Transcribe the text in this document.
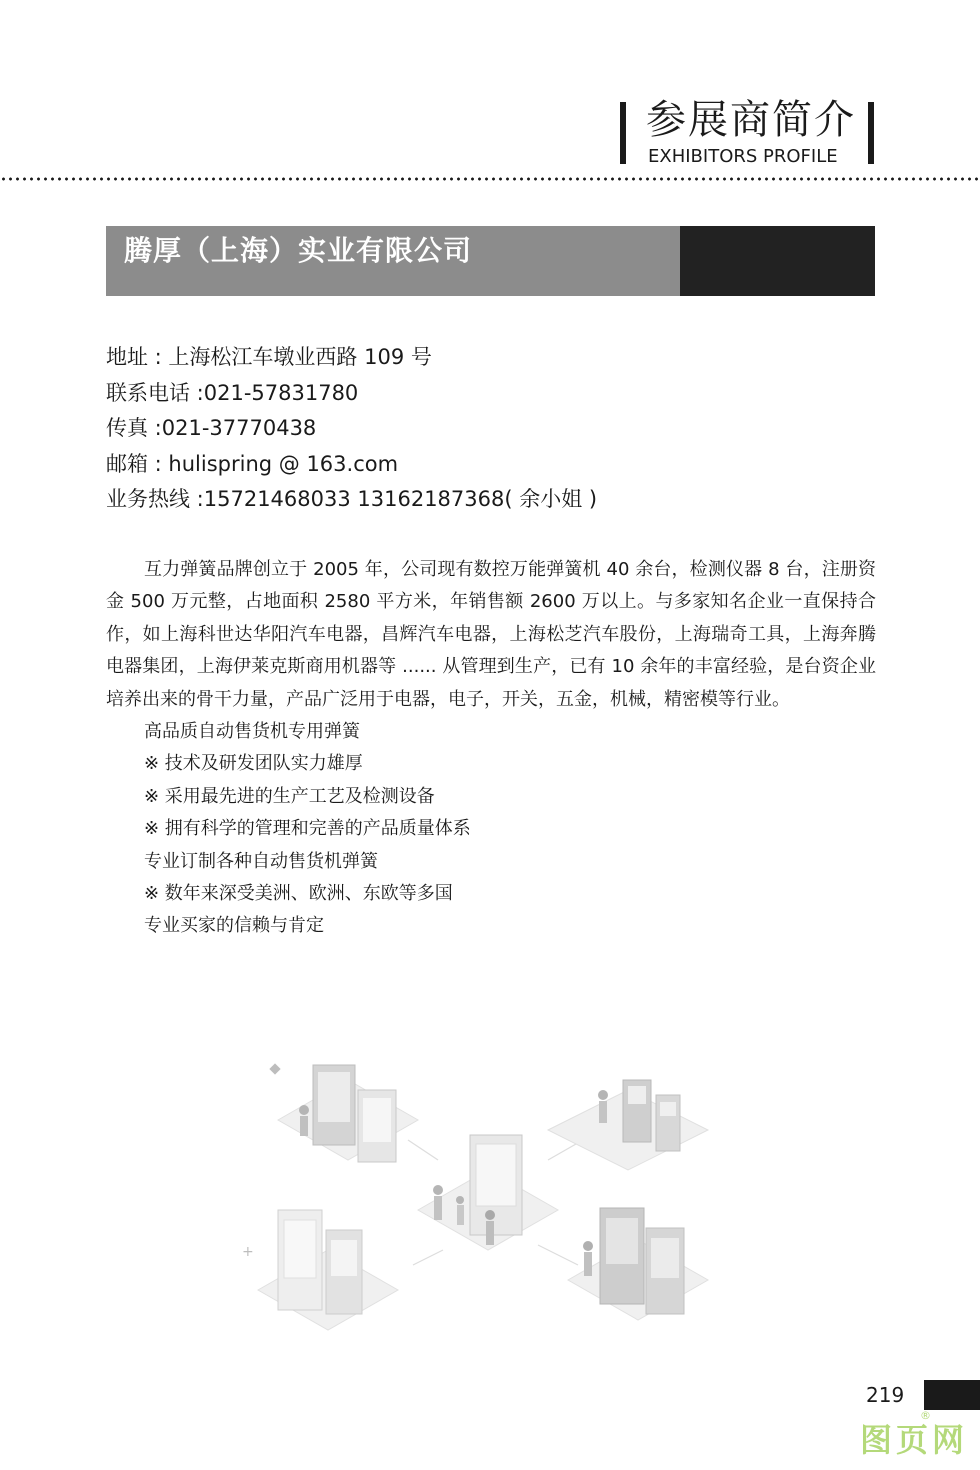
参展商简介
EXHIBITORS PROFILE
腾厚（上海）实业有限公司
地址 : 上海松江车墩业西路 109 号
联系电话 :021-57831780
传真 :021-37770438
邮箱 : hulispring @ 163.com
业务热线 :15721468033 13162187368( 余小姐 )
互力弹簧品牌创立于 2005 年，公司现有数控万能弹簧机 40 余台，检测仪器 8 台，注册资金 500 万元整，占地面积 2580 平方米，年销售额 2600 万以上。与多家知名企业一直保持合作，如上海科世达华阳汽车电器，昌辉汽车电器，上海松芝汽车股份，上海瑞奇工具，上海奔腾电器集团，上海伊莱克斯商用机器等 ...... 从管理到生产，已有 10 余年的丰富经验，是台资企业培养出来的骨干力量，产品广泛用于电器，电子，开关，五金，机械，精密模等行业。
高品质自动售货机专用弹簧
※ 技术及研发团队实力雄厚
※ 采用最先进的生产工艺及检测设备
※ 拥有科学的管理和完善的产品质量体系
专业订制各种自动售货机弹簧
※ 数年来深受美洲、欧洲、东欧等多国
专业买家的信赖与肯定
+
219
图页网
®
